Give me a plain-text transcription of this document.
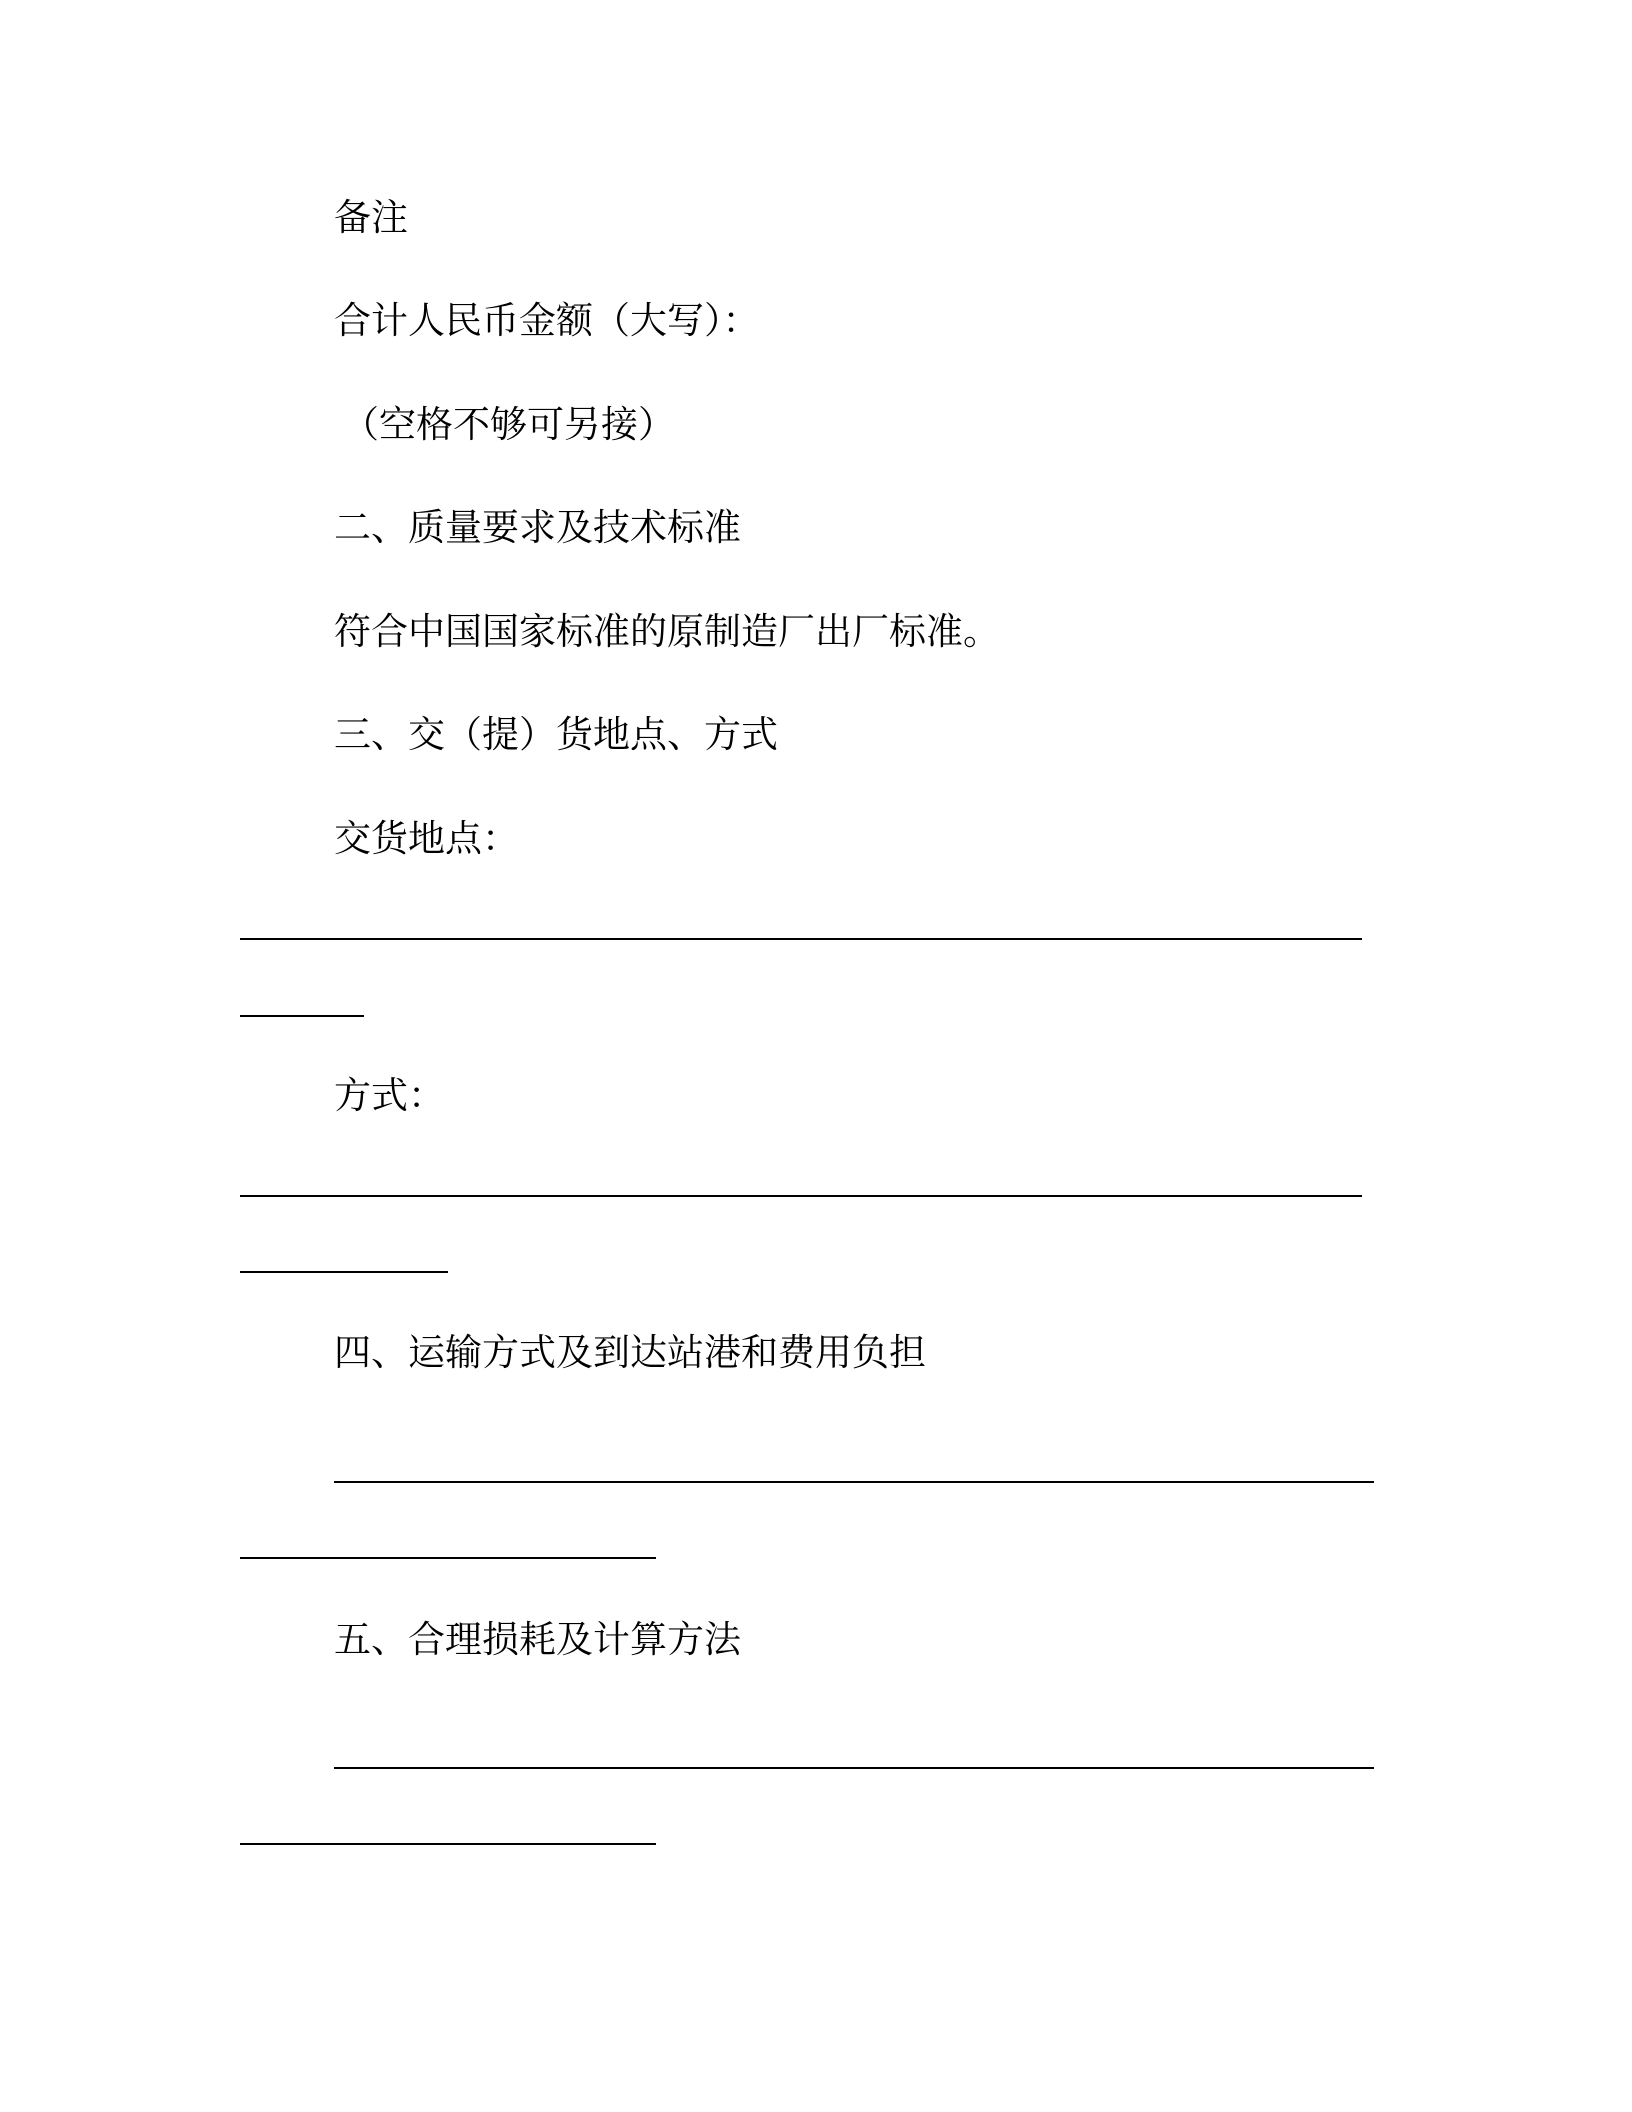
备注
合计人民币金额（大写）：
（空格不够可另接）
二、质量要求及技术标准
符合中国国家标准的原制造厂出厂标准。
三、交（提）货地点、方式
交货地点：
方式：
四、运输方式及到达站港和费用负担
五、合理损耗及计算方法
